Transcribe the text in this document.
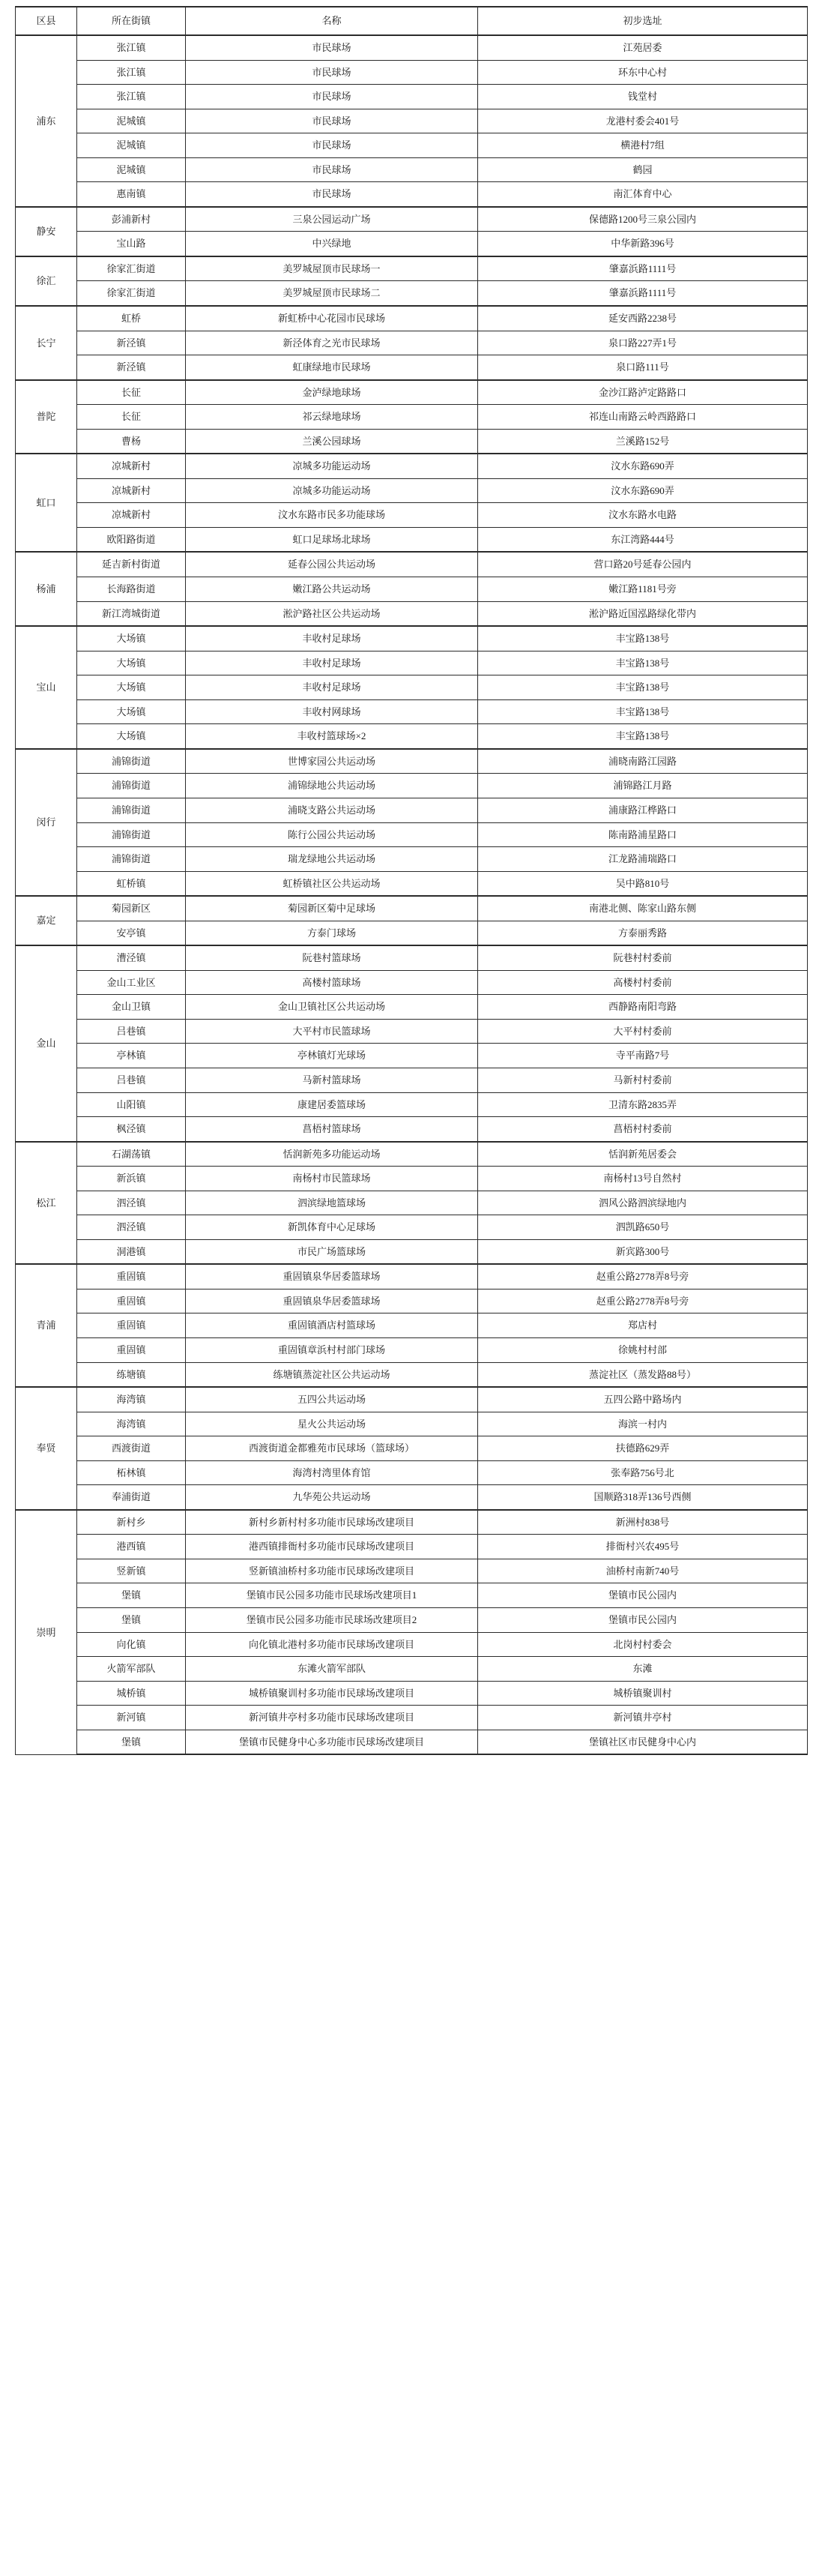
区县	所在街镇	名称	初步选址
浦东	张江镇	市民球场	江苑居委
	张江镇	市民球场	环东中心村
	张江镇	市民球场	钱堂村
	泥城镇	市民球场	龙港村委会401号
	泥城镇	市民球场	横港村7组
	泥城镇	市民球场	鹤园
	惠南镇	市民球场	南汇体育中心
静安	彭浦新村	三泉公园运动广场	保德路1200号三泉公园内
	宝山路	中兴绿地	中华新路396号
徐汇	徐家汇街道	美罗城屋顶市民球场一	肇嘉浜路1111号
	徐家汇街道	美罗城屋顶市民球场二	肇嘉浜路1111号
长宁	虹桥	新虹桥中心花园市民球场	延安西路2238号
	新泾镇	新泾体育之光市民球场	泉口路227弄1号
	新泾镇	虹康绿地市民球场	泉口路111号
普陀	长征	金泸绿地球场	金沙江路泸定路路口
	长征	祁云绿地球场	祁连山南路云岭西路路口
	曹杨	兰溪公园球场	兰溪路152号
虹口	凉城新村	凉城多功能运动场	汶水东路690弄
	凉城新村	凉城多功能运动场	汶水东路690弄
	凉城新村	汶水东路市民多功能球场	汶水东路水电路
	欧阳路街道	虹口足球场北球场	东江湾路444号
杨浦	延吉新村街道	延春公园公共运动场	营口路20号延春公园内
	长海路街道	嫩江路公共运动场	嫩江路1181号旁
	新江湾城街道	淞沪路社区公共运动场	淞沪路近国泓路绿化带内
宝山	大场镇	丰收村足球场	丰宝路138号
	大场镇	丰收村足球场	丰宝路138号
	大场镇	丰收村足球场	丰宝路138号
	大场镇	丰收村网球场	丰宝路138号
	大场镇	丰收村篮球场×2	丰宝路138号
闵行	浦锦街道	世博家园公共运动场	浦晓南路江园路
	浦锦街道	浦锦绿地公共运动场	浦锦路江月路
	浦锦街道	浦晓支路公共运动场	浦康路江桦路口
	浦锦街道	陈行公园公共运动场	陈南路浦星路口
	浦锦街道	瑞龙绿地公共运动场	江龙路浦瑞路口
	虹桥镇	虹桥镇社区公共运动场	吴中路810号
嘉定	菊园新区	菊园新区菊中足球场	南港北侧、陈家山路东侧
	安亭镇	方泰门球场	方泰丽秀路
金山	漕泾镇	阮巷村篮球场	阮巷村村委前
	金山工业区	高楼村篮球场	高楼村村委前
	金山卫镇	金山卫镇社区公共运动场	西静路南阳弯路
	吕巷镇	大平村市民篮球场	大平村村委前
	亭林镇	亭林镇灯光球场	寺平南路7号
	吕巷镇	马新村篮球场	马新村村委前
	山阳镇	康建居委篮球场	卫清东路2835弄
	枫泾镇	菖梧村篮球场	菖梧村村委前
松江	石湖荡镇	恬润新苑多功能运动场	恬润新苑居委会
	新浜镇	南杨村市民篮球场	南杨村13号自然村
	泗泾镇	泗滨绿地篮球场	泗风公路泗滨绿地内
	泗泾镇	新凯体育中心足球场	泗凯路650号
	洞港镇	市民广场篮球场	新宾路300号
青浦	重固镇	重固镇泉华居委篮球场	赵重公路2778弄8号旁
	重固镇	重固镇泉华居委篮球场	赵重公路2778弄8号旁
	重固镇	重固镇酒店村篮球场	郑店村
	重固镇	重固镇章浜村村部门球场	徐姚村村部
	练塘镇	练塘镇蒸淀社区公共运动场	蒸淀社区（蒸发路88号）
奉贤	海湾镇	五四公共运动场	五四公路中路场内
	海湾镇	星火公共运动场	海滨一村内
	西渡街道	西渡街道金都雅苑市民球场（篮球场）	扶德路629弄
	柘林镇	海湾村湾里体育馆	张奉路756号北
	奉浦街道	九华苑公共运动场	国顺路318弄136号西侧
崇明	新村乡	新村乡新村村多功能市民球场改建项目	新洲村838号
	港西镇	港西镇排衙村多功能市民球场改建项目	排衙村兴农495号
	竖新镇	竖新镇油桥村多功能市民球场改建项目	油桥村南新740号
	堡镇	堡镇市民公园多功能市民球场改建项目1	堡镇市民公园内
	堡镇	堡镇市民公园多功能市民球场改建项目2	堡镇市民公园内
	向化镇	向化镇北港村多功能市民球场改建项目	北岗村村委会
	火箭军部队	东滩火箭军部队	东滩
	城桥镇	城桥镇聚训村多功能市民球场改建项目	城桥镇聚训村
	新河镇	新河镇井亭村多功能市民球场改建项目	新河镇井亭村
	堡镇	堡镇市民健身中心多功能市民球场改建项目	堡镇社区市民健身中心内
